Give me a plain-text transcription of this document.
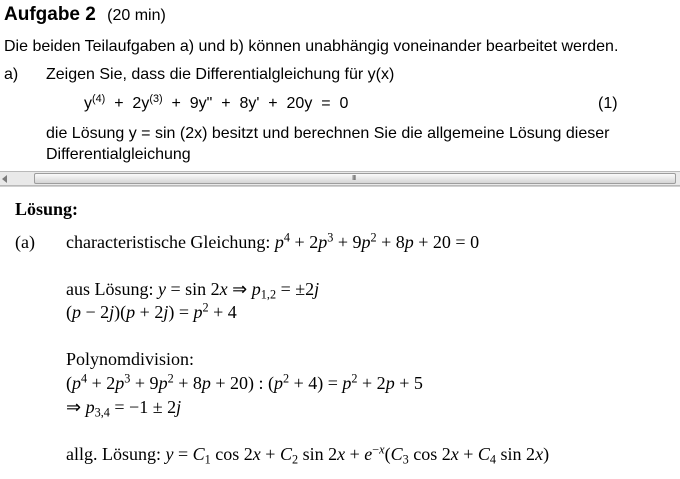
Aufgabe 2 (20 min)
Die beiden Teilaufgaben a) und b) können unabhängig voneinander bearbeitet werden.
a) Zeigen Sie, dass die Differentialgleichung für y(x)
$y^{(4)} + 2y^{(3)} + 9y$" + 8y' + 20y = 0	(1)
die Lösung y = sin (2x) besitzt und berechnen Sie die allgemeine Lösung dieser
Differentialgleichung
III
Lösung:
(a) characteristische Gleichung: $p^4 + 2p^3 + 9p^2 + 8p + 20 = 0$
aus Lösung: y = sin 2x ⇒ $p_{1,2} = \pm 2j$
$(p - 2j)(p + 2j) = p^2 + 4$
Polynomdivision:
$(p^4 + 2p^3 + 9p^2 + 8p + 20)$ : $(p^2 + 4) = p^2 + 2p + 5$
⇒ $p_{3,4} = -1 \pm 2j$
allg. Lösung: $y = C_1$ $\cos 2x + C_2$ $\sin 2x + e^{-x}(C_3$ $\cos 2x + C_4$ sin 2x)
